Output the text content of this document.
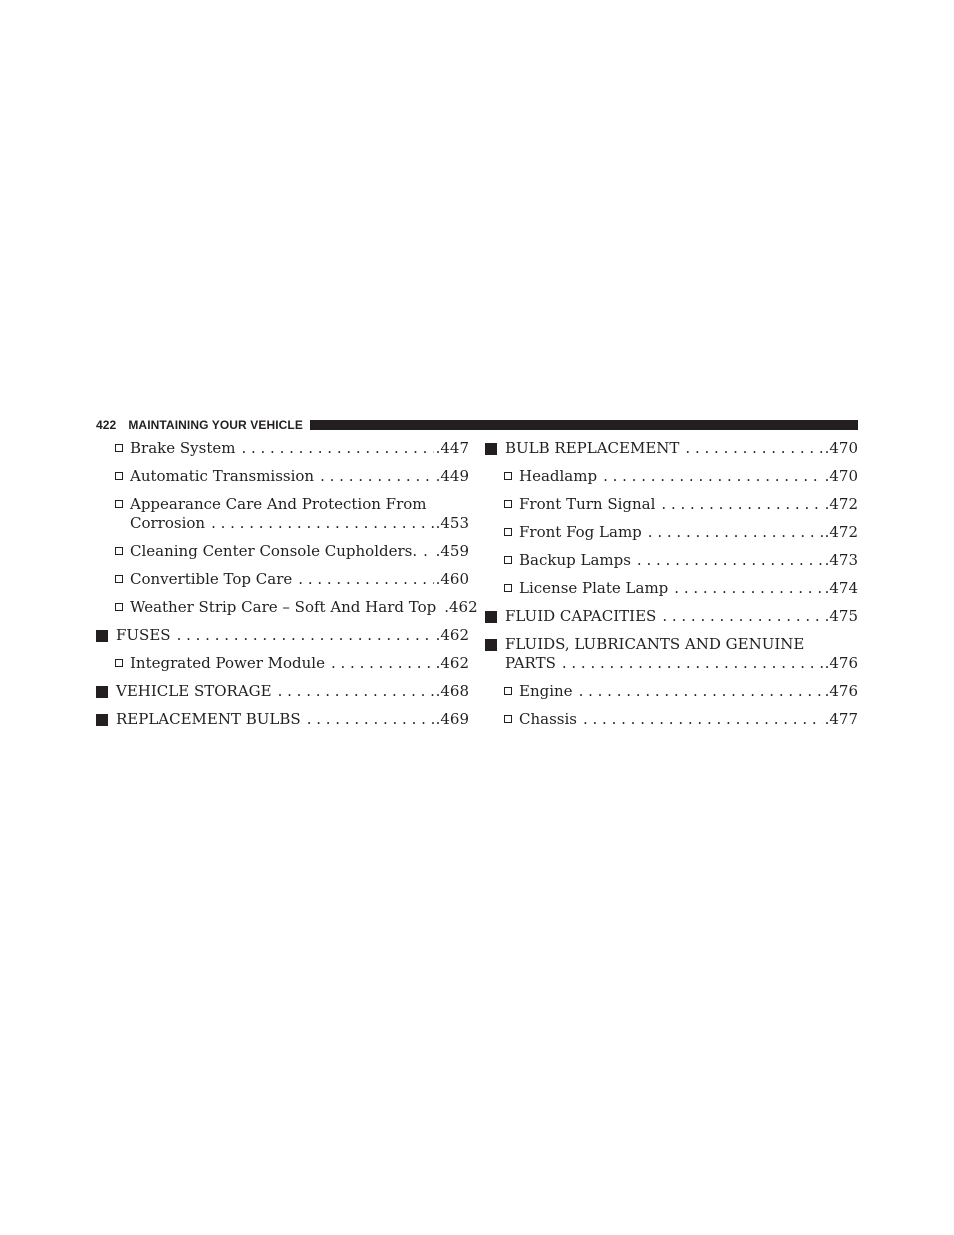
422 MAINTAINING YOUR VEHICLE
Brake System . . .	.447
Automatic Transmission . . .	.449
Appearance Care And Protection From
Corrosion . . .	.453
Cleaning Center Console Cupholders. . . . .459
Convertible Top Care . . .	.460
Weather Strip Care – Soft And Hard Top .462
FUSES . . .	.462
Integrated Power Module . . .	.462
VEHICLE STORAGE . . .	.468
REPLACEMENT BULBS . . .	.469
BULB REPLACEMENT . . .	.470
Headlamp . . .	.470
Front Turn Signal . . .	.472
Front Fog Lamp . . .	.472
Backup Lamps . . .	.473
License Plate Lamp . . .	.474
FLUID CAPACITIES . . .	.475
FLUIDS, LUBRICANTS AND GENUINE
PARTS . . .	.476
Engine . . .	.476
Chassis . . .	.477
